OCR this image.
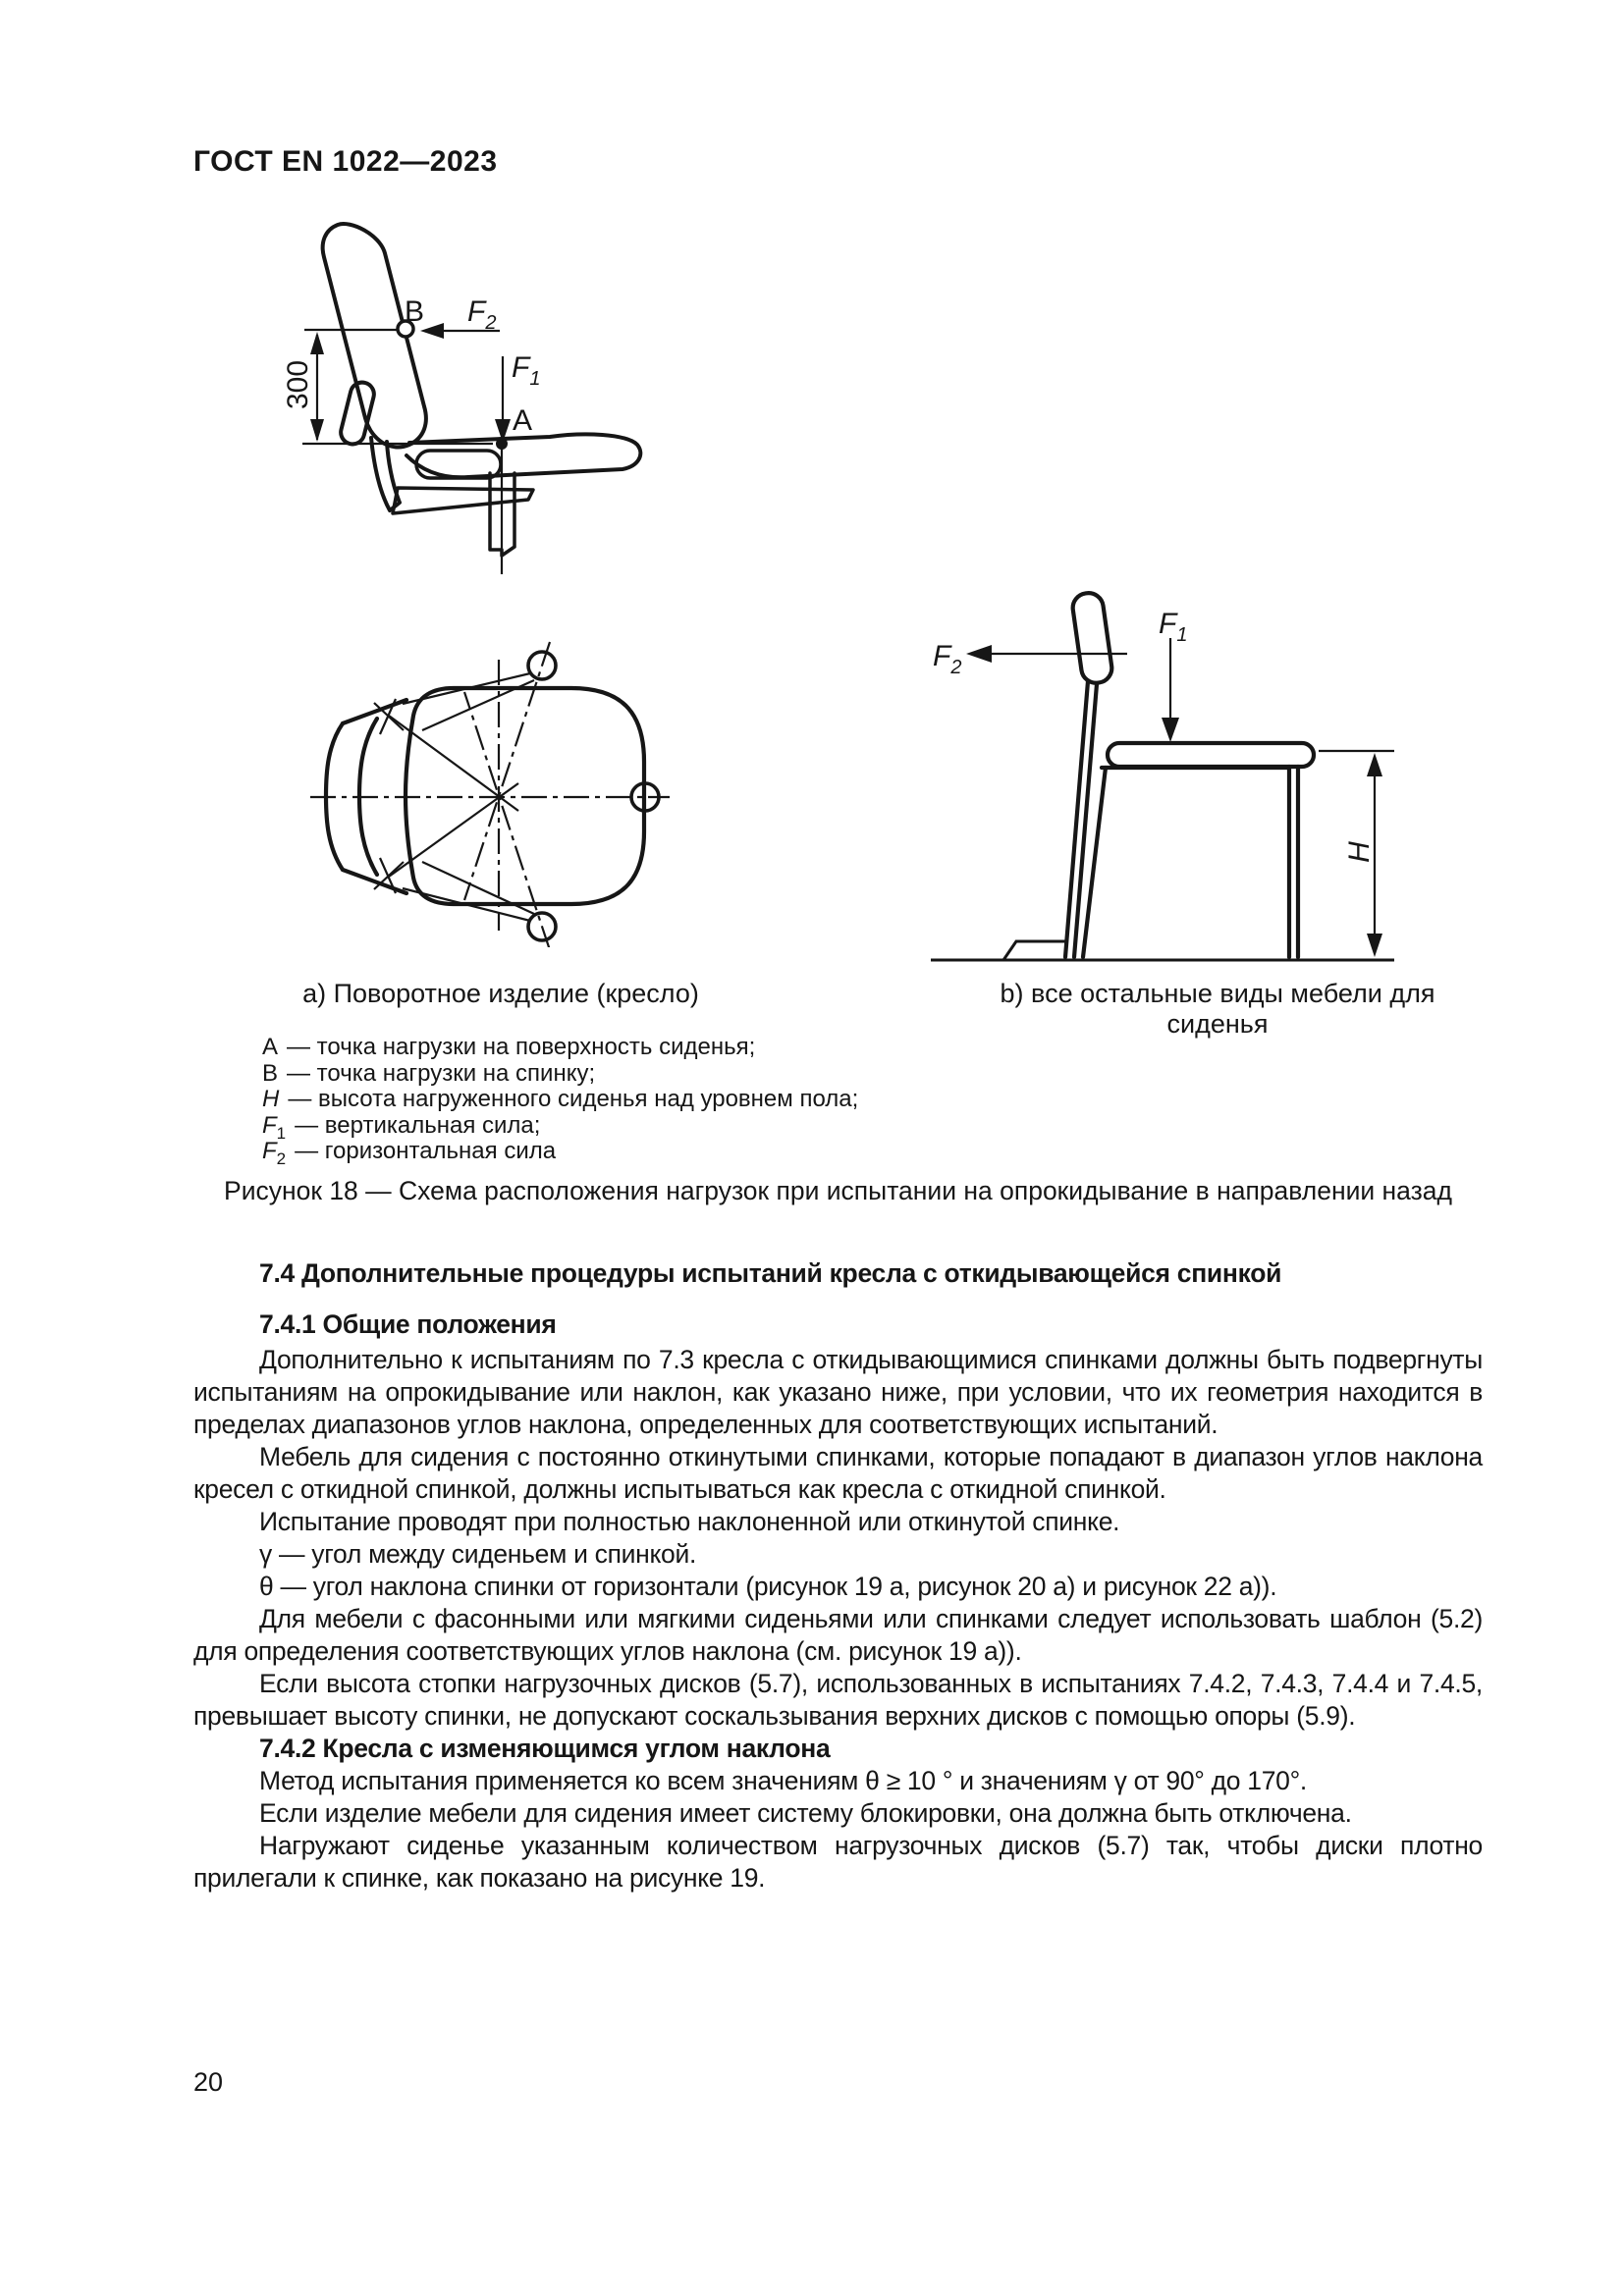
ГОСТ EN 1022—2023
B $F_2$
$F_1$
A
300
$F_2$
$F_1$
H
а) Поворотное изделие (кресло)	b) все остальные виды мебели для сиденья
A — точка нагрузки на поверхность сиденья;
B — точка нагрузки на спинку;
H — высота нагруженного сиденья над уровнем пола;
$F_1$ — вертикальная сила;
$F_2$ — горизонтальная сила
Рисунок 18 — Схема расположения нагрузок при испытании на опрокидывание в направлении назад

7.4 Дополнительные процедуры испытаний кресла с откидывающейся спинкой

7.4.1 Общие положения

Дополнительно к испытаниям по 7.3 кресла с откидывающимися спинками должны быть подвергнуты испытаниям на опрокидывание или наклон, как указано ниже, при условии, что их геометрия находится в пределах диапазонов углов наклона, определенных для соответствующих испытаний.

Мебель для сидения с постоянно откинутыми спинками, которые попадают в диапазон углов наклона кресел с откидной спинкой, должны испытываться как кресла с откидной спинкой.

Испытание проводят при полностью наклоненной или откинутой спинке.

γ — угол между сиденьем и спинкой.

θ — угол наклона спинки от горизонтали (рисунок 19 а, рисунок 20 а) и рисунок 22 а)).

Для мебели с фасонными или мягкими сиденьями или спинками следует использовать шаблон (5.2) для определения соответствующих углов наклона (см. рисунок 19 а)).

Если высота стопки нагрузочных дисков (5.7), использованных в испытаниях 7.4.2, 7.4.3, 7.4.4 и 7.4.5, превышает высоту спинки, не допускают соскальзывания верхних дисков с помощью опоры (5.9).

7.4.2 Кресла с изменяющимся углом наклона

Метод испытания применяется ко всем значениям θ ≥ 10 ° и значениям γ от 90° до 170°.

Если изделие мебели для сидения имеет систему блокировки, она должна быть отключена.

Нагружают сиденье указанным количеством нагрузочных дисков (5.7) так, чтобы диски плотно прилегали к спинке, как показано на рисунке 19.

20
